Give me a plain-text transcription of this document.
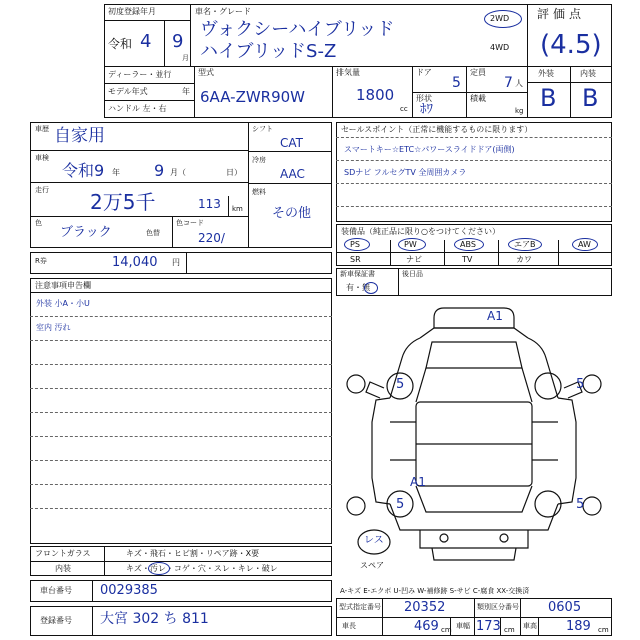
初度登録年月
令和 4 9
月
車名・グレード
ヴォクシーハイブリッド
ハイブリッドS-Z
2WD
4WD
評価点
(4.5)
ディーラー・並行
モデル年式	年
ハンドル 左・右
型式
6AA-ZWR90W
排気量
1800
cc
ドア
5
定員
7 人
形状
ﾎﾜ
積載
kg
外装	内装
B B
車歴 自家用
車検
令和9 年 9 月（	日）
走行 2万5千	113 km
色
ブラック	色替
色コード
220/
シフト
CAT
冷房
AAC
燃料
その他
R券	14,040 円
セールスポイント（正常に機能するものに限ります）
スマートキー☆ETC☆パワースライドドア(両側)
SDナビ フルセグTV 全周囲カメラ
装備品（純正品に限り○をつけてください）
PS	PW	ABS	エアB	AW
SR	ナビ	TV	カワ
新車保証書
有・無
後日品
注意事項申告欄
外装 小A・小U
室内 汚れ
A1
A1
5	5
5	5
レス
スペア
フロントガラス	キズ・飛石・ヒビ割・リペア跡・X要
内装	キズ・汚レ・コゲ・穴・スレ・キレ・破レ
A-キズ E-エクボ U-凹み W-補修跡 S-サビ C-腐食 XX-交換済
車台番号 0029385
登録番号 大宮 302 ち 811
型式指定番号 20352	類別区分番号 0605
車長	469 cm 車幅 173 cm 車高 189 cm
